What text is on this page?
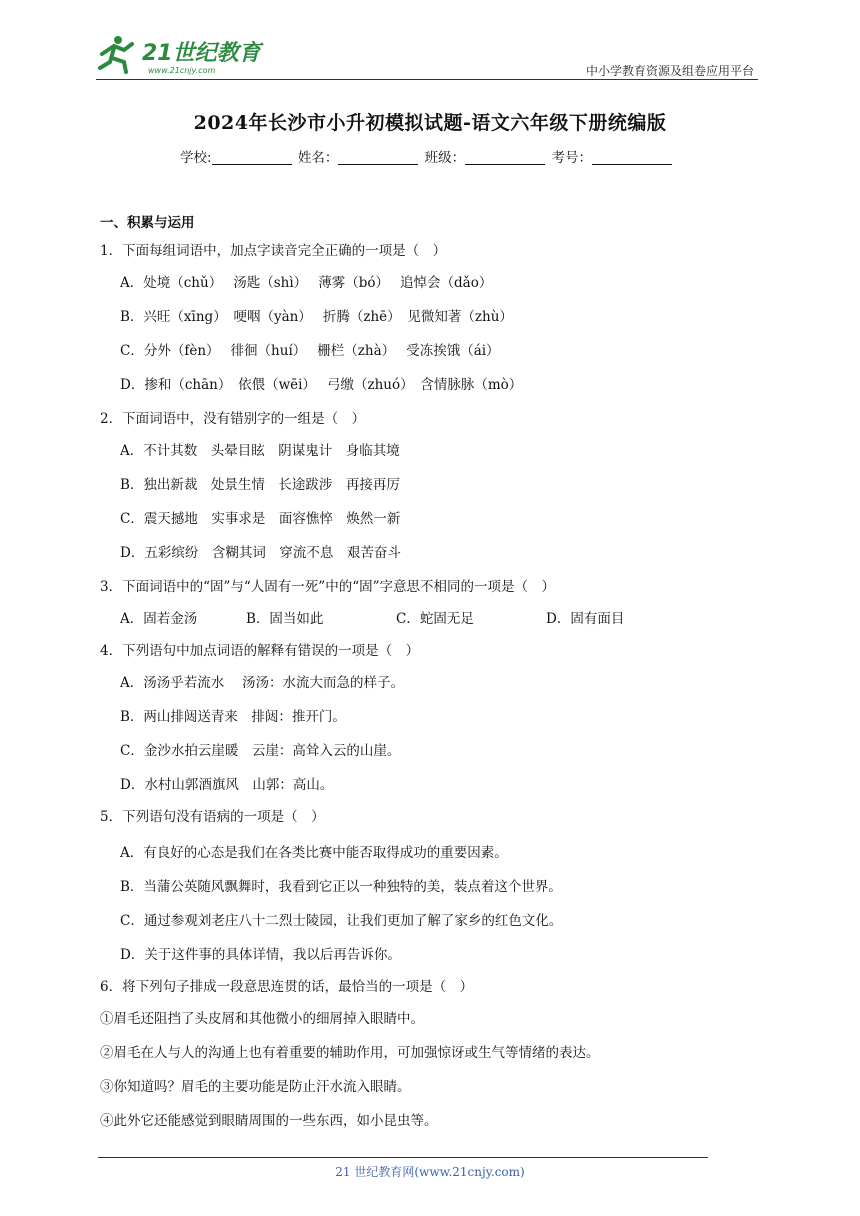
21世纪教育
www.21cnjy.com	中小学教育资源及组卷应用平台
2024年长沙市小升初模拟试题-语文六年级下册统编版
学校:	姓名：	班级：	考号：
一、积累与运用
1．下面每组词语中，加点字读音完全正确的一项是（　）
A．处境（chǔ）　 汤匙（shì）　 薄雾（bó）　 追悼会（dǎo）
B．兴旺（xīng）　哽咽（yàn）　 折腾（zhē）　见微知著（zhù）
C．分外（fèn）　 徘徊（huí）　 栅栏（zhà）　 受冻挨饿（ái）
D．掺和（chān）　依偎（wēi）　 弓缴（zhuó）　含情脉脉（mò）
2．下面词语中，没有错别字的一组是（　）
A．不计其数　头晕目眩　阴谋鬼计　身临其境
B．独出新裁　处景生情　长途跋涉　再接再厉
C．震天撼地　实事求是　面容憔悴　焕然一新
D．五彩缤纷　含糊其词　穿流不息　艰苦奋斗
3．下面词语中的“固”与“人固有一死”中的“固”字意思不相同的一项是（　）
A．固若金汤	B．固当如此	C．蛇固无足	D．固有面目
4．下列语句中加点词语的解释有错误的一项是（　）
A．汤汤乎若流水　 汤汤：水流大而急的样子。
B．两山排闼送青来　排闼：推开门。
C．金沙水拍云崖暖　云崖：高耸入云的山崖。
D．水村山郭酒旗风　山郭：高山。
5．下列语句没有语病的一项是（　）
A．有良好的心态是我们在各类比赛中能否取得成功的重要因素。
B．当蒲公英随风飘舞时，我看到它正以一种独特的美，装点着这个世界。
C．通过参观刘老庄八十二烈士陵园，让我们更加了解了家乡的红色文化。
D．关于这件事的具体详情，我以后再告诉你。
6．将下列句子排成一段意思连贯的话，最恰当的一项是（　）
①眉毛还阻挡了头皮屑和其他微小的细屑掉入眼睛中。
②眉毛在人与人的沟通上也有着重要的辅助作用，可加强惊讶或生气等情绪的表达。
③你知道吗？眉毛的主要功能是防止汗水流入眼睛。
④此外它还能感觉到眼睛周围的一些东西，如小昆虫等。
21 世纪教育网(www.21cnjy.com)
